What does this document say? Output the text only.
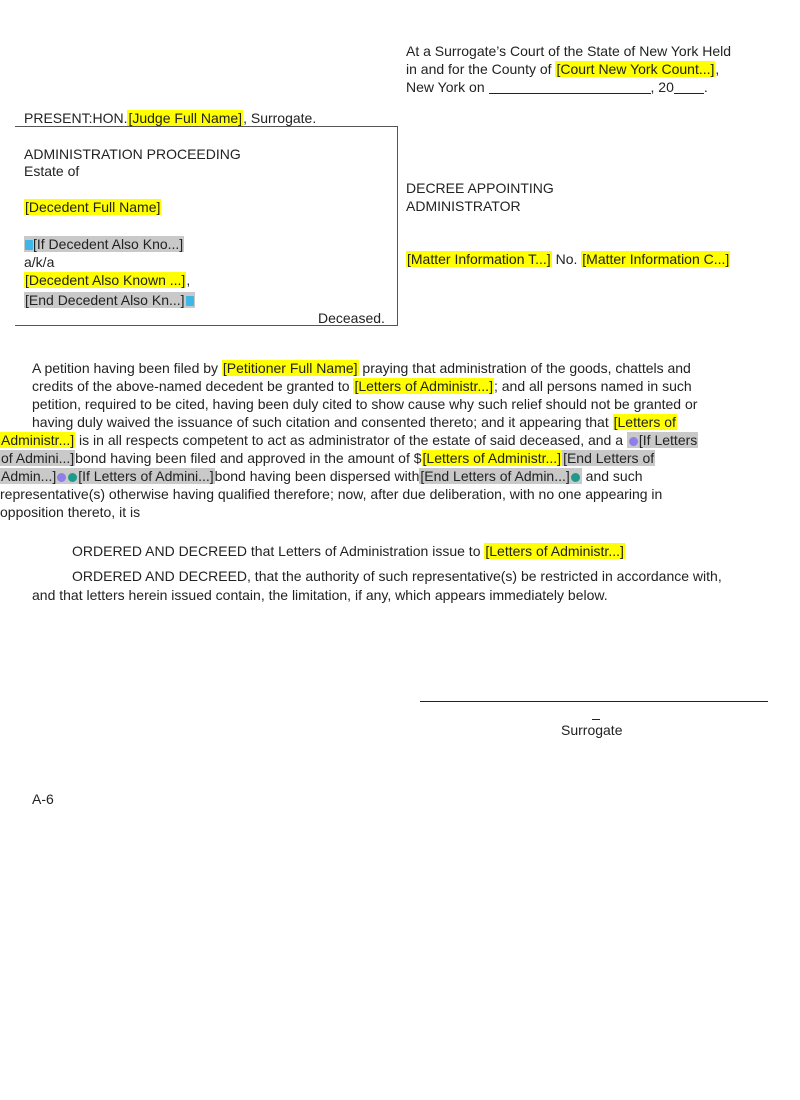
At a Surrogate’s Court of the State of New York Held
in and for the County of [Court New York Count...],
New York on	, 20 .
PRESENT:HON.[Judge Full Name], Surrogate.
ADMINISTRATION PROCEEDING
Estate of
[Decedent Full Name]
[If Decedent Also Kno...]
a/k/a
[Decedent Also Known ...],
[End Decedent Also Kn...]
Deceased.
DECREE APPOINTING
ADMINISTRATOR
[Matter Information T...] No. [Matter Information C...]
A petition having been filed by [Petitioner Full Name] praying that administration of the goods, chattels and
credits of the above-named decedent be granted to [Letters of Administr...]; and all persons named in such
petition, required to be cited, having been duly cited to show cause why such relief should not be granted or
having duly waived the issuance of such citation and consented thereto; and it appearing that [Letters of
Administr...] is in all respects competent to act as administrator of the estate of said deceased, and a [If Letters
of Admini...]bond having been filed and approved in the amount of $[Letters of Administr...] [End Letters of
Admin...] [If Letters of Admini...]bond having been dispersed with[End Letters of Admin...] and such
representative(s) otherwise having qualified therefore; now, after due deliberation, with no one appearing in
opposition thereto, it is
ORDERED AND DECREED that Letters of Administration issue to [Letters of Administr...]
ORDERED AND DECREED, that the authority of such representative(s) be restricted in accordance with,
and that letters herein issued contain, the limitation, if any, which appears immediately below.
Surrogate
A-6
